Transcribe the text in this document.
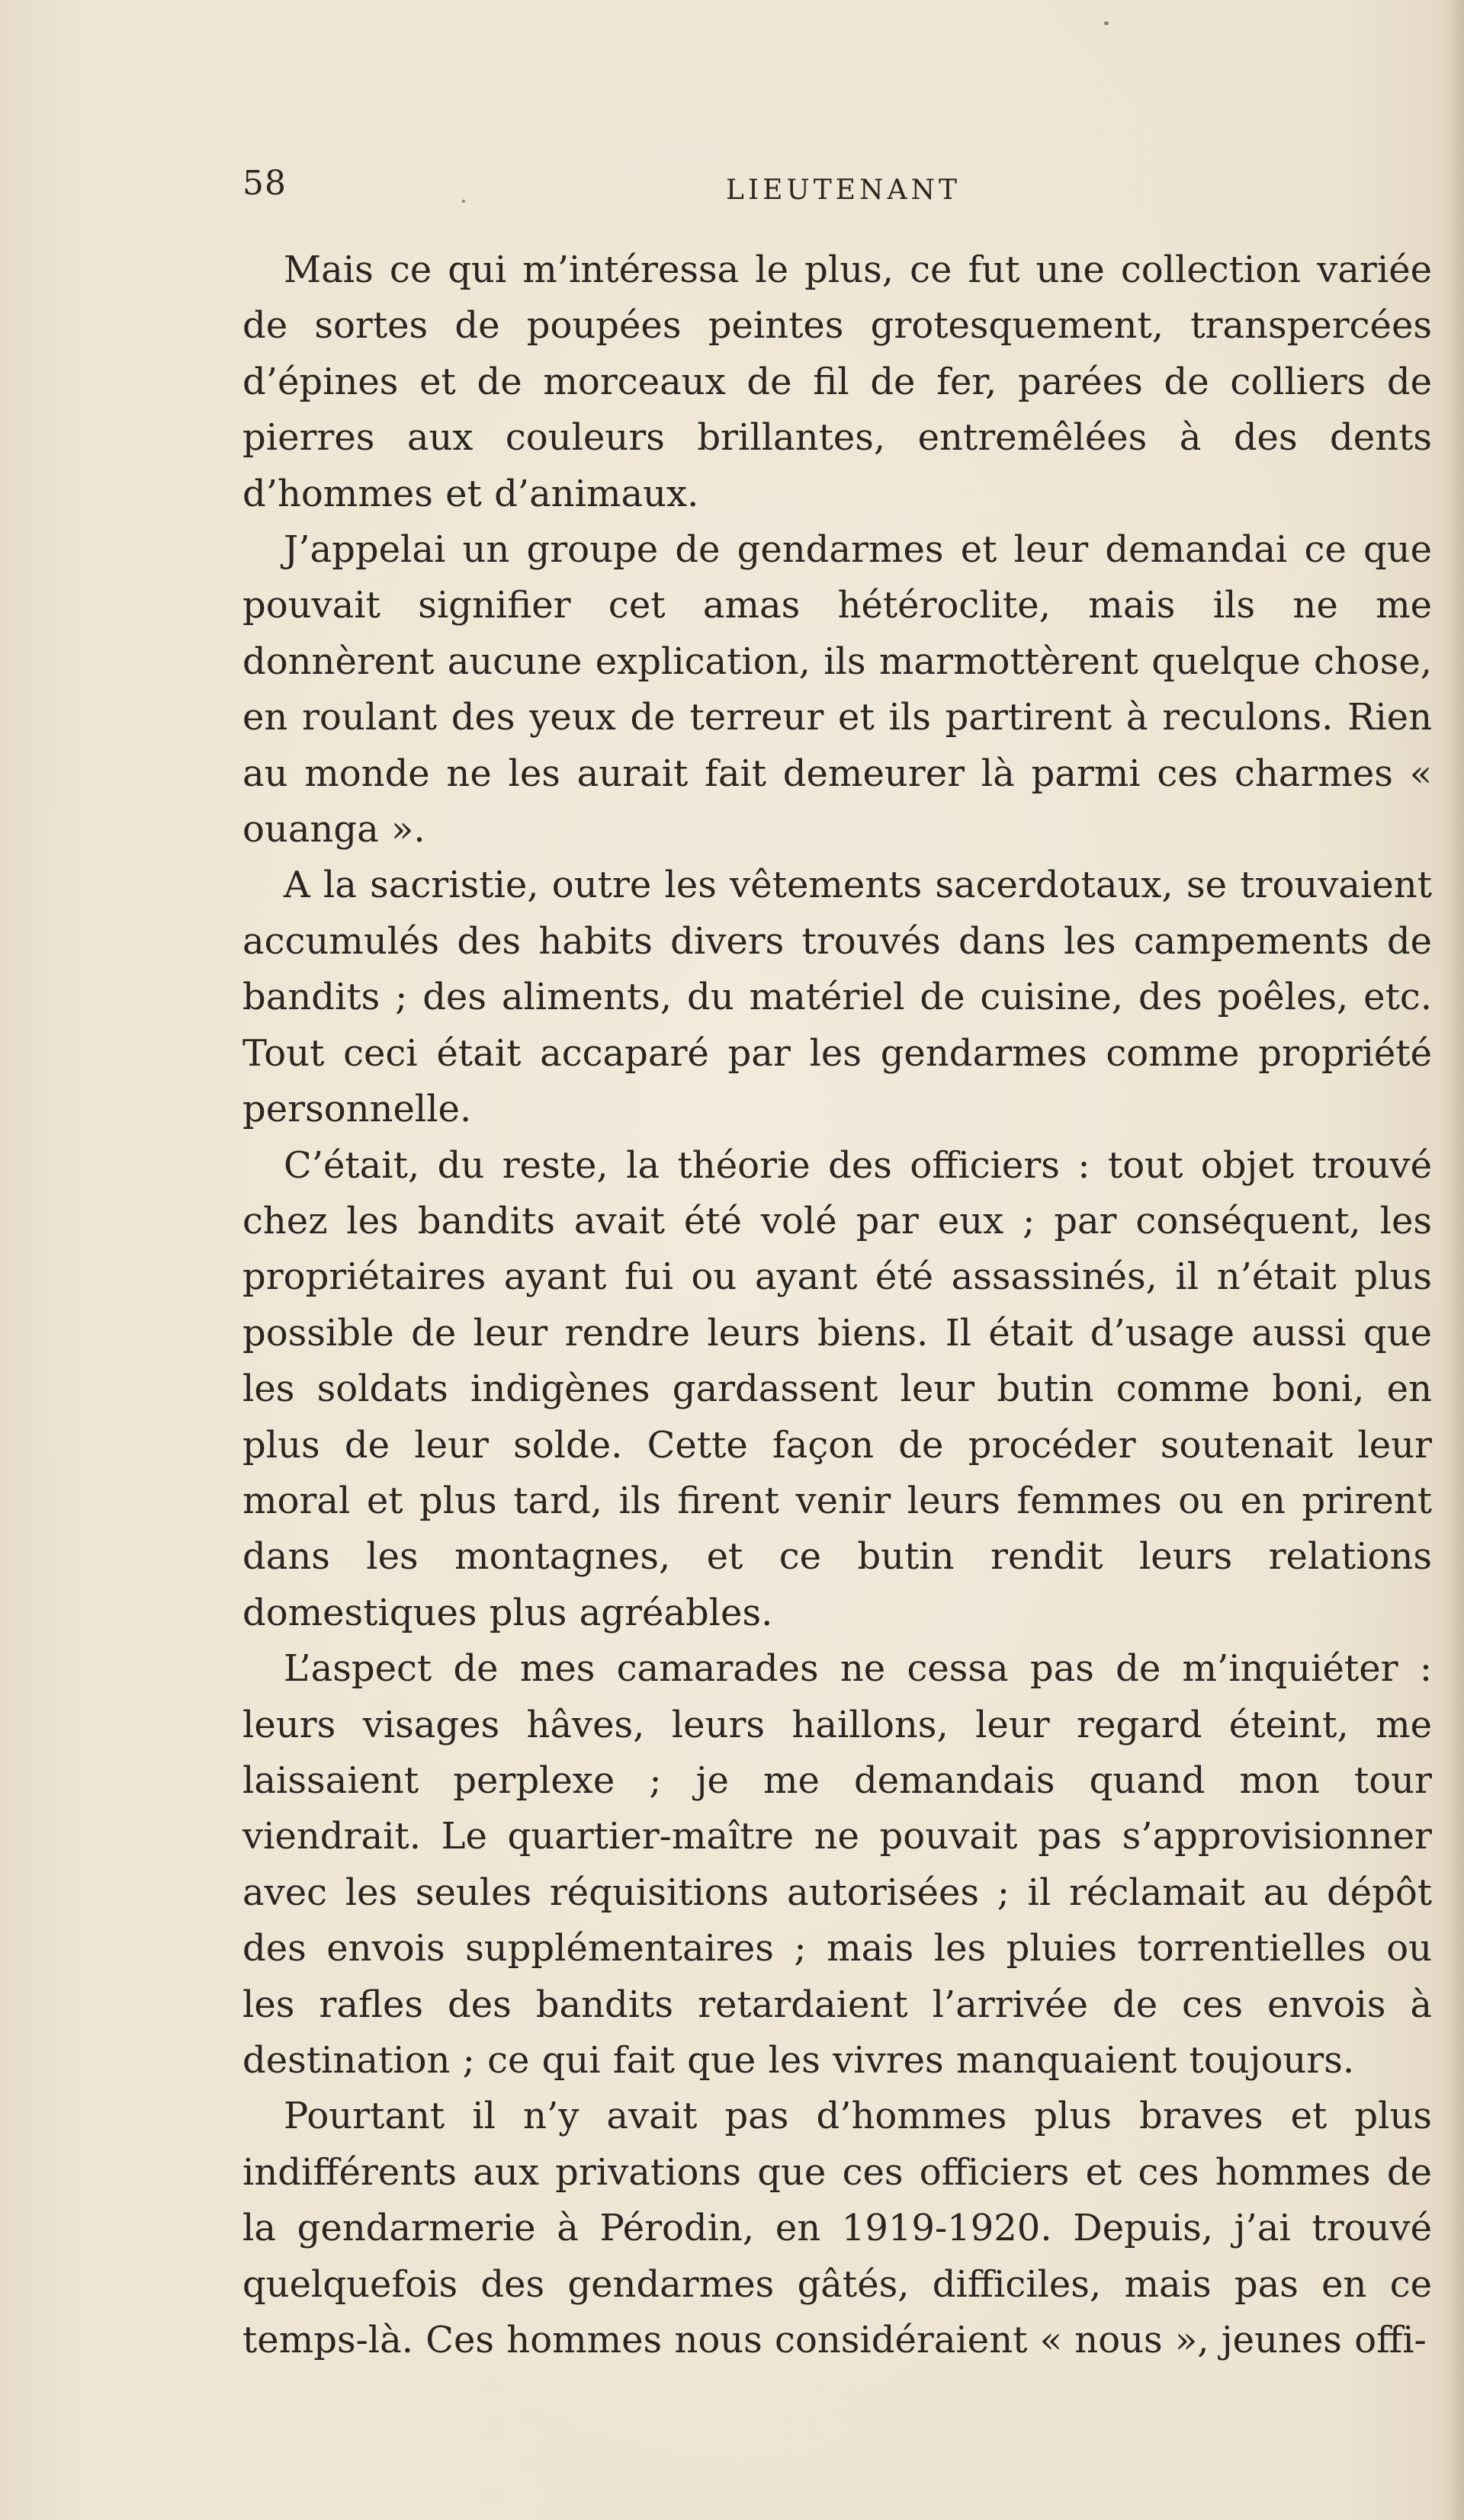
58	LIEUTENANT

Mais ce qui m’intéressa le plus, ce fut une collection variée de sortes de poupées peintes grotesquement, transpercées d’épines et de morceaux de fil de fer, parées de colliers de pierres aux couleurs brillantes, entremêlées à des dents d’hommes et d’animaux.

J’appelai un groupe de gendarmes et leur demandai ce que pouvait signifier cet amas hétéroclite, mais ils ne me donnèrent aucune explication, ils marmottèrent quelque chose, en roulant des yeux de terreur et ils partirent à reculons. Rien au monde ne les aurait fait demeurer là parmi ces charmes « ouanga ».

A la sacristie, outre les vêtements sacerdotaux, se trouvaient accumulés des habits divers trouvés dans les campements de bandits ; des aliments, du matériel de cuisine, des poêles, etc. Tout ceci était accaparé par les gendarmes comme propriété personnelle.

C’était, du reste, la théorie des officiers : tout objet trouvé chez les bandits avait été volé par eux ; par conséquent, les propriétaires ayant fui ou ayant été assassinés, il n’était plus possible de leur rendre leurs biens. Il était d’usage aussi que les soldats indigènes gardassent leur butin comme boni, en plus de leur solde. Cette façon de procéder soutenait leur moral et plus tard, ils firent venir leurs femmes ou en prirent dans les montagnes, et ce butin rendit leurs relations domestiques plus agréables.

L’aspect de mes camarades ne cessa pas de m’inquiéter : leurs visages hâves, leurs haillons, leur regard éteint, me laissaient perplexe ; je me demandais quand mon tour viendrait. Le quartier-maître ne pouvait pas s’approvisionner avec les seules réquisitions autorisées ; il réclamait au dépôt des envois supplémentaires ; mais les pluies torrentielles ou les rafles des bandits retardaient l’arrivée de ces envois à destination ; ce qui fait que les vivres manquaient toujours.

Pourtant il n’y avait pas d’hommes plus braves et plus indifférents aux privations que ces officiers et ces hommes de la gendarmerie à Pérodin, en 1919-1920. Depuis, j’ai trouvé quelquefois des gendarmes gâtés, difficiles, mais pas en ce temps-là. Ces hommes nous considéraient « nous », jeunes offi-
